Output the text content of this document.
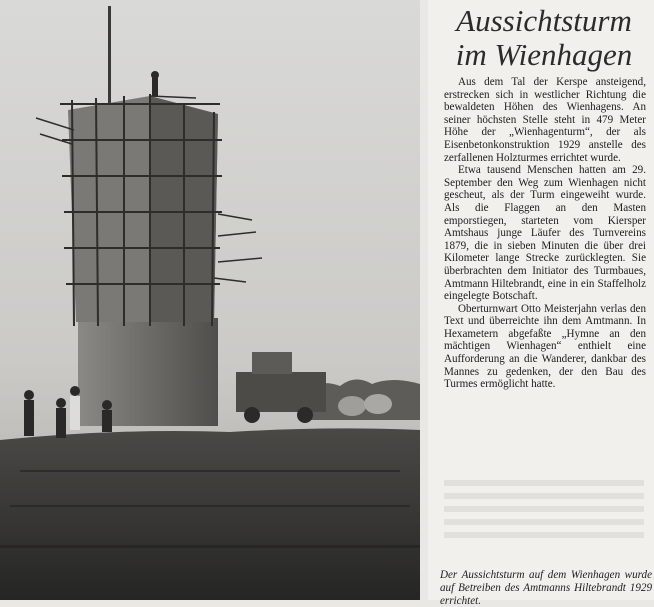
Aussichtsturm
im Wienhagen

Aus dem Tal der Kerspe ansteigend, erstrecken sich in westlicher Richtung die bewaldeten Höhen des Wienhagens. An seiner höchsten Stelle steht in 479 Meter Höhe der „Wienhagenturm“, der als Eisenbetonkonstruktion 1929 anstelle des zerfallenen Holzturmes errichtet wurde.

Etwa tausend Menschen hatten am 29. September den Weg zum Wienhagen nicht gescheut, als der Turm eingeweiht wurde. Als die Flaggen an den Masten emporstiegen, starteten vom Kiersper Amtshaus junge Läufer des Turnvereins 1879, die in sieben Minuten die über drei Kilometer lange Strecke zurücklegten. Sie überbrachten dem Initiator des Turmbaues, Amtmann Hiltebrandt, eine in ein Staffelholz eingelegte Botschaft.

Oberturnwart Otto Meisterjahn verlas den Text und überreichte ihn dem Amtmann. In Hexametern abgefaßte „Hymne an den mächtigen Wienhagen“ enthielt eine Aufforderung an die Wanderer, dankbar des Mannes zu gedenken, der den Bau des Turmes ermöglicht hatte.

Der Aussichtsturm auf dem Wienhagen wurde auf Betreiben des Amtmanns Hiltebrandt 1929 errichtet.
